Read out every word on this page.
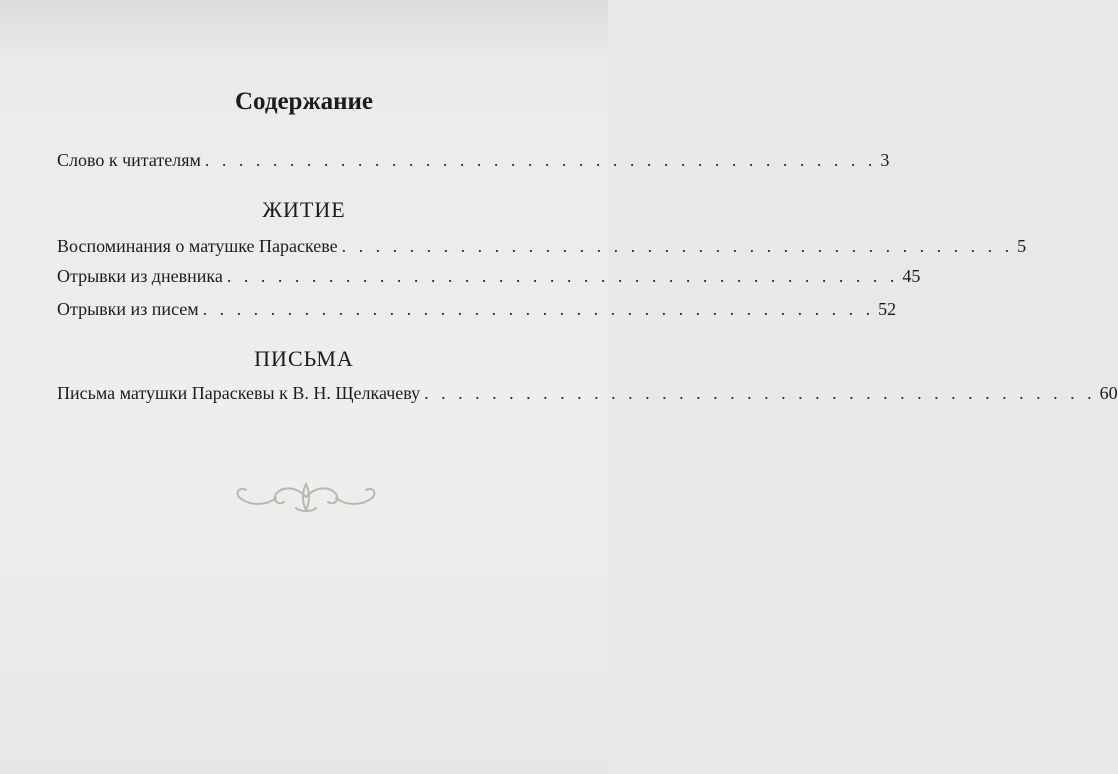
Содержание
Слово к читателям . . . . . . . . . . . . . . . . . . . . . . . . . . . . . . . . . . . . . . . . 3
ЖИТИЕ
Воспоминания о матушке Параскеве . . . . . . . . . . . . . . . . . . . . . . . . . . . . . . . . . . . . . . . . 5
Отрывки из дневника . . . . . . . . . . . . . . . . . . . . . . . . . . . . . . . . . . . . . . . . 45
Отрывки из писем . . . . . . . . . . . . . . . . . . . . . . . . . . . . . . . . . . . . . . . . 52
ПИСЬМА
Письма матушки Параскевы к В. Н. Щелкачеву . . . . . . . . . . . . . . . . . . . . . . . . . . . . . . . . . . . . . . . . 60
